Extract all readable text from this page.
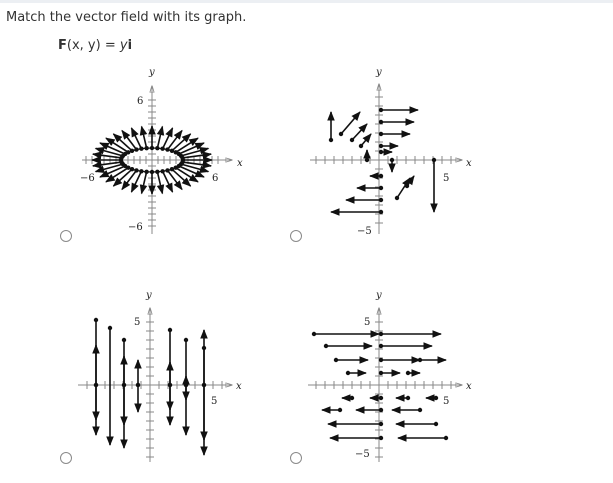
Match the vector field with its graph.
F(x, y) = yi
y
x
6
−6
−6	6
y
x
5
−5
y
x
5
5
y
x
5
5
−5
